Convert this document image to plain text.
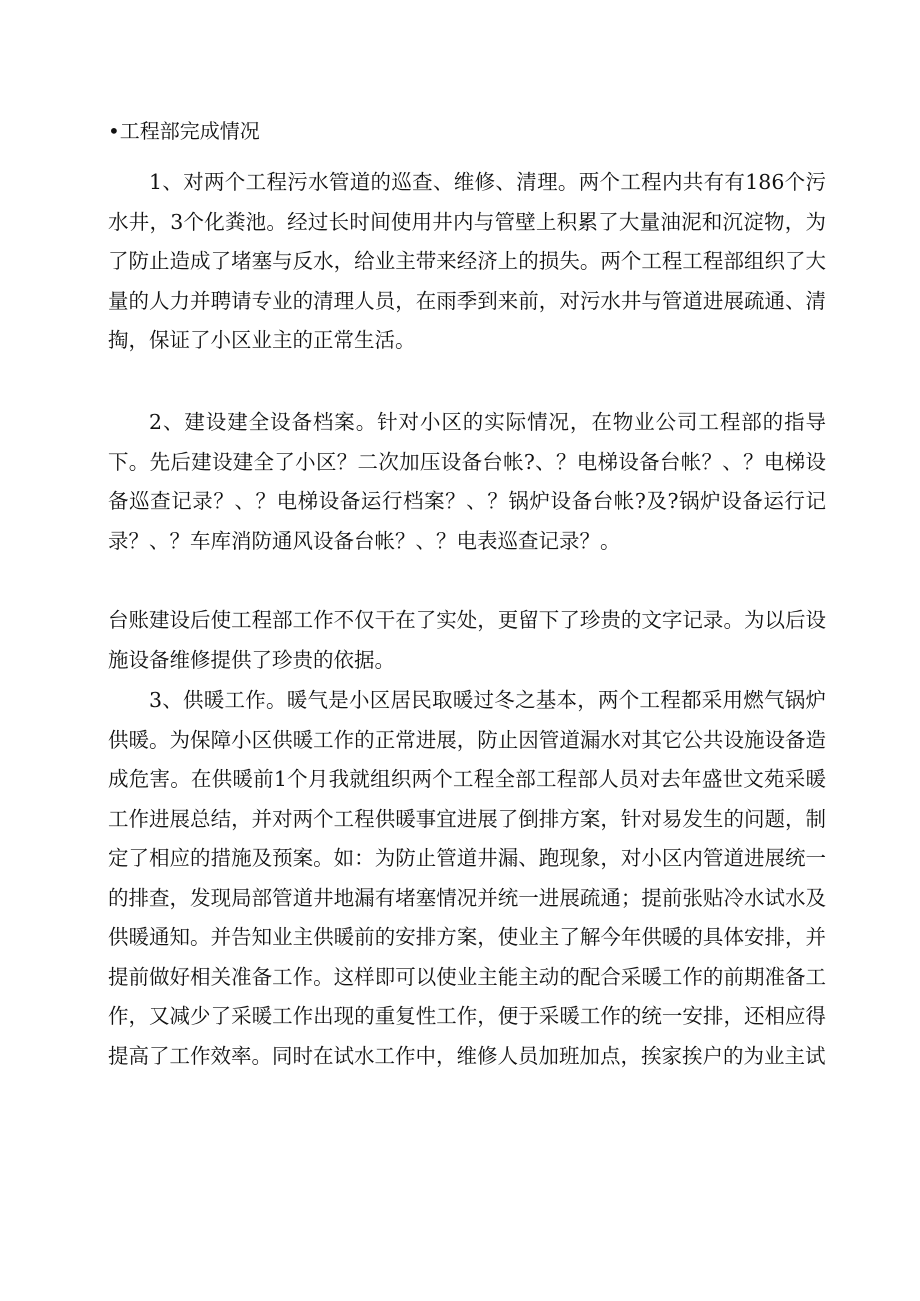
•工程部完成情况

1、对两个工程污水管道的巡查、维修、清理。两个工程内共有有186个污水井，3个化粪池。经过长时间使用井内与管壁上积累了大量油泥和沉淀物，为了防止造成了堵塞与反水，给业主带来经济上的损失。两个工程工程部组织了大量的人力并聘请专业的清理人员，在雨季到来前，对污水井与管道进展疏通、清掏，保证了小区业主的正常生活。

2、建设建全设备档案。针对小区的实际情况，在物业公司工程部的指导下。先后建设建全了小区？二次加压设备台帐?、？电梯设备台帐？、？电梯设备巡查记录？、？电梯设备运行档案？、？锅炉设备台帐?及?锅炉设备运行记录？、？车库消防通风设备台帐？、？电表巡查记录？。

台账建设后使工程部工作不仅干在了实处，更留下了珍贵的文字记录。为以后设施设备维修提供了珍贵的依据。

3、供暖工作。暖气是小区居民取暖过冬之基本，两个工程都采用燃气锅炉供暖。为保障小区供暖工作的正常进展，防止因管道漏水对其它公共设施设备造成危害。在供暖前1个月我就组织两个工程全部工程部人员对去年盛世文苑采暖工作进展总结，并对两个工程供暖事宜进展了倒排方案，针对易发生的问题，制定了相应的措施及预案。如：为防止管道井漏、跑现象，对小区内管道进展统一的排查，发现局部管道井地漏有堵塞情况并统一进展疏通；提前张贴冷水试水及供暖通知。并告知业主供暖前的安排方案，使业主了解今年供暖的具体安排，并提前做好相关准备工作。这样即可以使业主能主动的配合采暖工作的前期准备工作，又减少了采暖工作出现的重复性工作，便于采暖工作的统一安排，还相应得提高了工作效率。同时在试水工作中，维修人员加班加点，挨家挨户的为业主试
